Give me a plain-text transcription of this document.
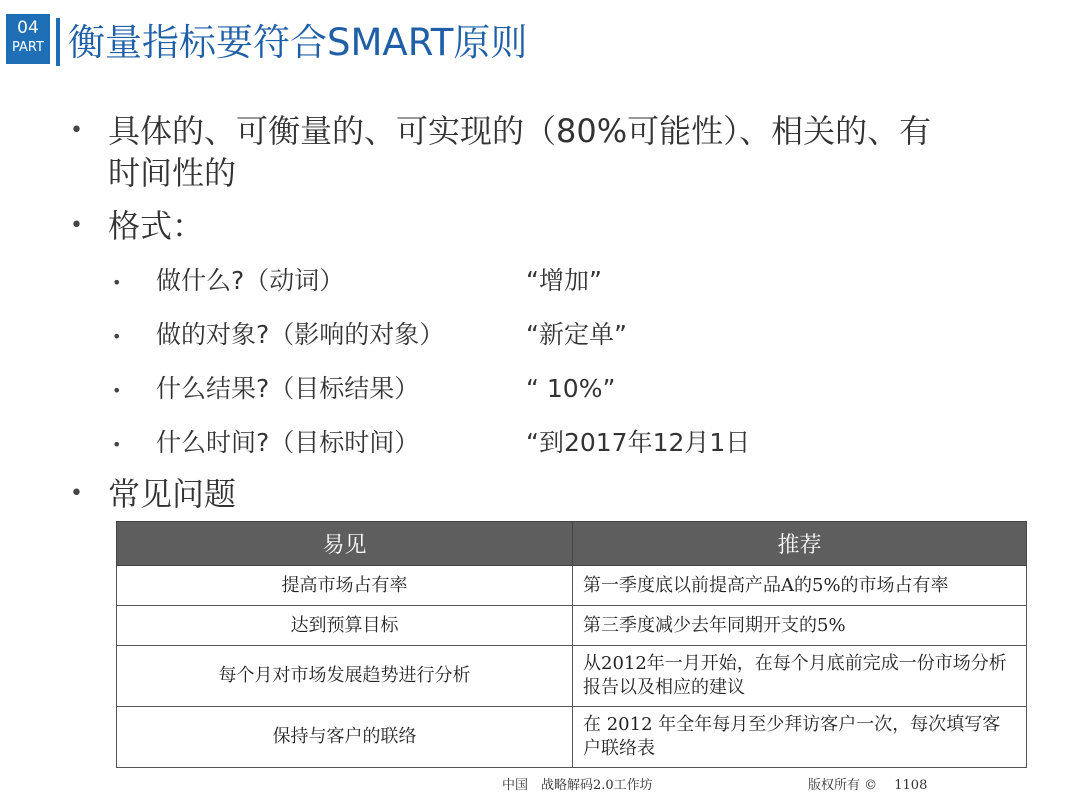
04
PART 衡量指标要符合SMART原则
• 具体的、可衡量的、可实现的（80%可能性）、相关的、有
时间性的
• 格式：
• 做什么?（动词）	“增加”
• 做的对象?（影响的对象）	“新定单”
• 什么结果?（目标结果）	“ 10%”
• 什么时间?（目标时间）	“到2017年12月1日
• 常见问题
易见	推荐
提高市场占有率	第一季度底以前提高产品A的5%的市场占有率
达到预算目标	第三季度减少去年同期开支的5%
每个月对市场发展趋势进行分析	从2012年一月开始，在每个月底前完成一份市场分析报告以及相应的建议
保持与客户的联络	在 2012 年全年每月至少拜访客户一次，每次填写客户联络表
中国　战略解码2.0工作坊	版权所有 ©　 1108
